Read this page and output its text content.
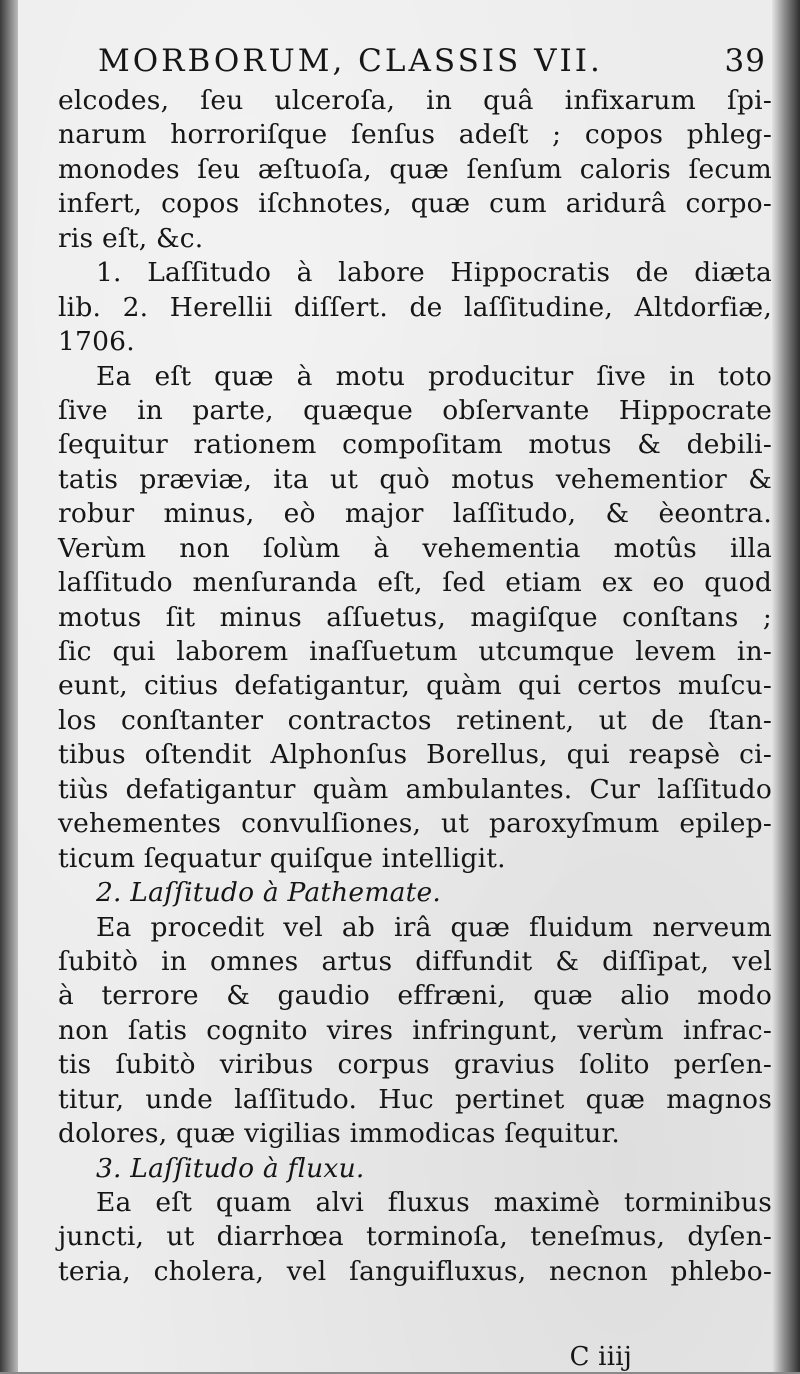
MORBORUM, CLASSIS VII.	39
elcodes, ſeu ulceroſa, in quâ infixarum ſpi-
narum horroriſque ſenſus adeſt ; copos phleg-
monodes ſeu æſtuoſa, quæ ſenſum caloris ſecum
infert, copos iſchnotes, quæ cum aridurâ corpo-
ris eſt, &c.
1. Laſſitudo à labore Hippocratis de diæta
lib. 2. Herellii diſſert. de laſſitudine, Altdorfiæ,
1706.
Ea eſt quæ à motu producitur ſive in toto
ſive in parte, quæque obſervante Hippocrate
ſequitur rationem compoſitam motus & debili-
tatis præviæ, ita ut quò motus vehementior &
robur minus, eò major laſſitudo, & èeontra.
Verùm non ſolùm à vehementia motûs illa
laſſitudo menſuranda eſt, ſed etiam ex eo quod
motus ſit minus aſſuetus, magiſque conſtans ;
ſic qui laborem inaſſuetum utcumque levem in-
eunt, citius defatigantur, quàm qui certos muſcu-
los conſtanter contractos retinent, ut de ſtan-
tibus oſtendit Alphonſus Borellus, qui reapsè ci-
tiùs defatigantur quàm ambulantes. Cur laſſitudo
vehementes convulſiones, ut paroxyſmum epilep-
ticum ſequatur quiſque intelligit.
2. Laſſitudo à Pathemate.
Ea procedit vel ab irâ quæ fluidum nerveum
ſubitò in omnes artus diffundit & diſſipat, vel
à terrore & gaudio effræni, quæ alio modo
non ſatis cognito vires infringunt, verùm infrac-
tis ſubitò viribus corpus gravius ſolito perſen-
titur, unde laſſitudo. Huc pertinet quæ magnos
dolores, quæ vigilias immodicas ſequitur.
3. Laſſitudo à fluxu.
Ea eſt quam alvi fluxus maximè torminibus
juncti, ut diarrhœa torminoſa, teneſmus, dyſen-
teria, cholera, vel ſanguifluxus, necnon phlebo-
C iiij
